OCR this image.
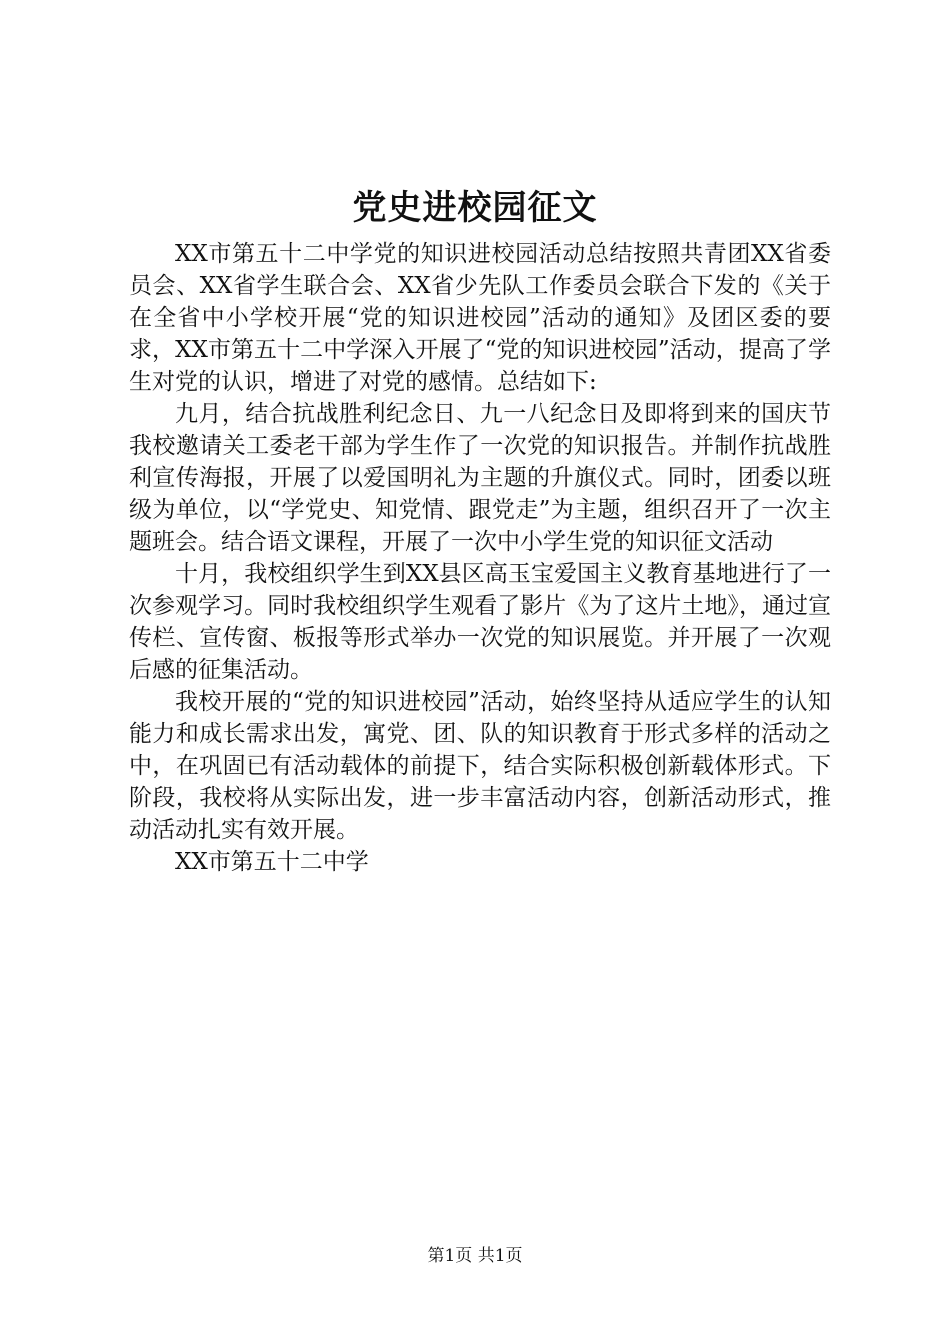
党史进校园征文

XX市第五十二中学党的知识进校园活动总结按照共青团XX省委员会、XX省学生联合会、XX省少先队工作委员会联合下发的《关于在全省中小学校开展“党的知识进校园”活动的通知》及团区委的要求，XX市第五十二中学深入开展了“党的知识进校园”活动，提高了学生对党的认识，增进了对党的感情。总结如下:

九月，结合抗战胜利纪念日、九一八纪念日及即将到来的国庆节我校邀请关工委老干部为学生作了一次党的知识报告。并制作抗战胜利宣传海报，开展了以爱国明礼为主题的升旗仪式。同时，团委以班级为单位，以“学党史、知党情、跟党走”为主题，组织召开了一次主题班会。结合语文课程，开展了一次中小学生党的知识征文活动

十月，我校组织学生到XX县区高玉宝爱国主义教育基地进行了一次参观学习。同时我校组织学生观看了影片《为了这片土地》，通过宣传栏、宣传窗、板报等形式举办一次党的知识展览。并开展了一次观后感的征集活动。

我校开展的“党的知识进校园”活动，始终坚持从适应学生的认知能力和成长需求出发，寓党、团、队的知识教育于形式多样的活动之中，在巩固已有活动载体的前提下，结合实际积极创新载体形式。下阶段，我校将从实际出发，进一步丰富活动内容，创新活动形式，推动活动扎实有效开展。

XX市第五十二中学

第1页 共1页
